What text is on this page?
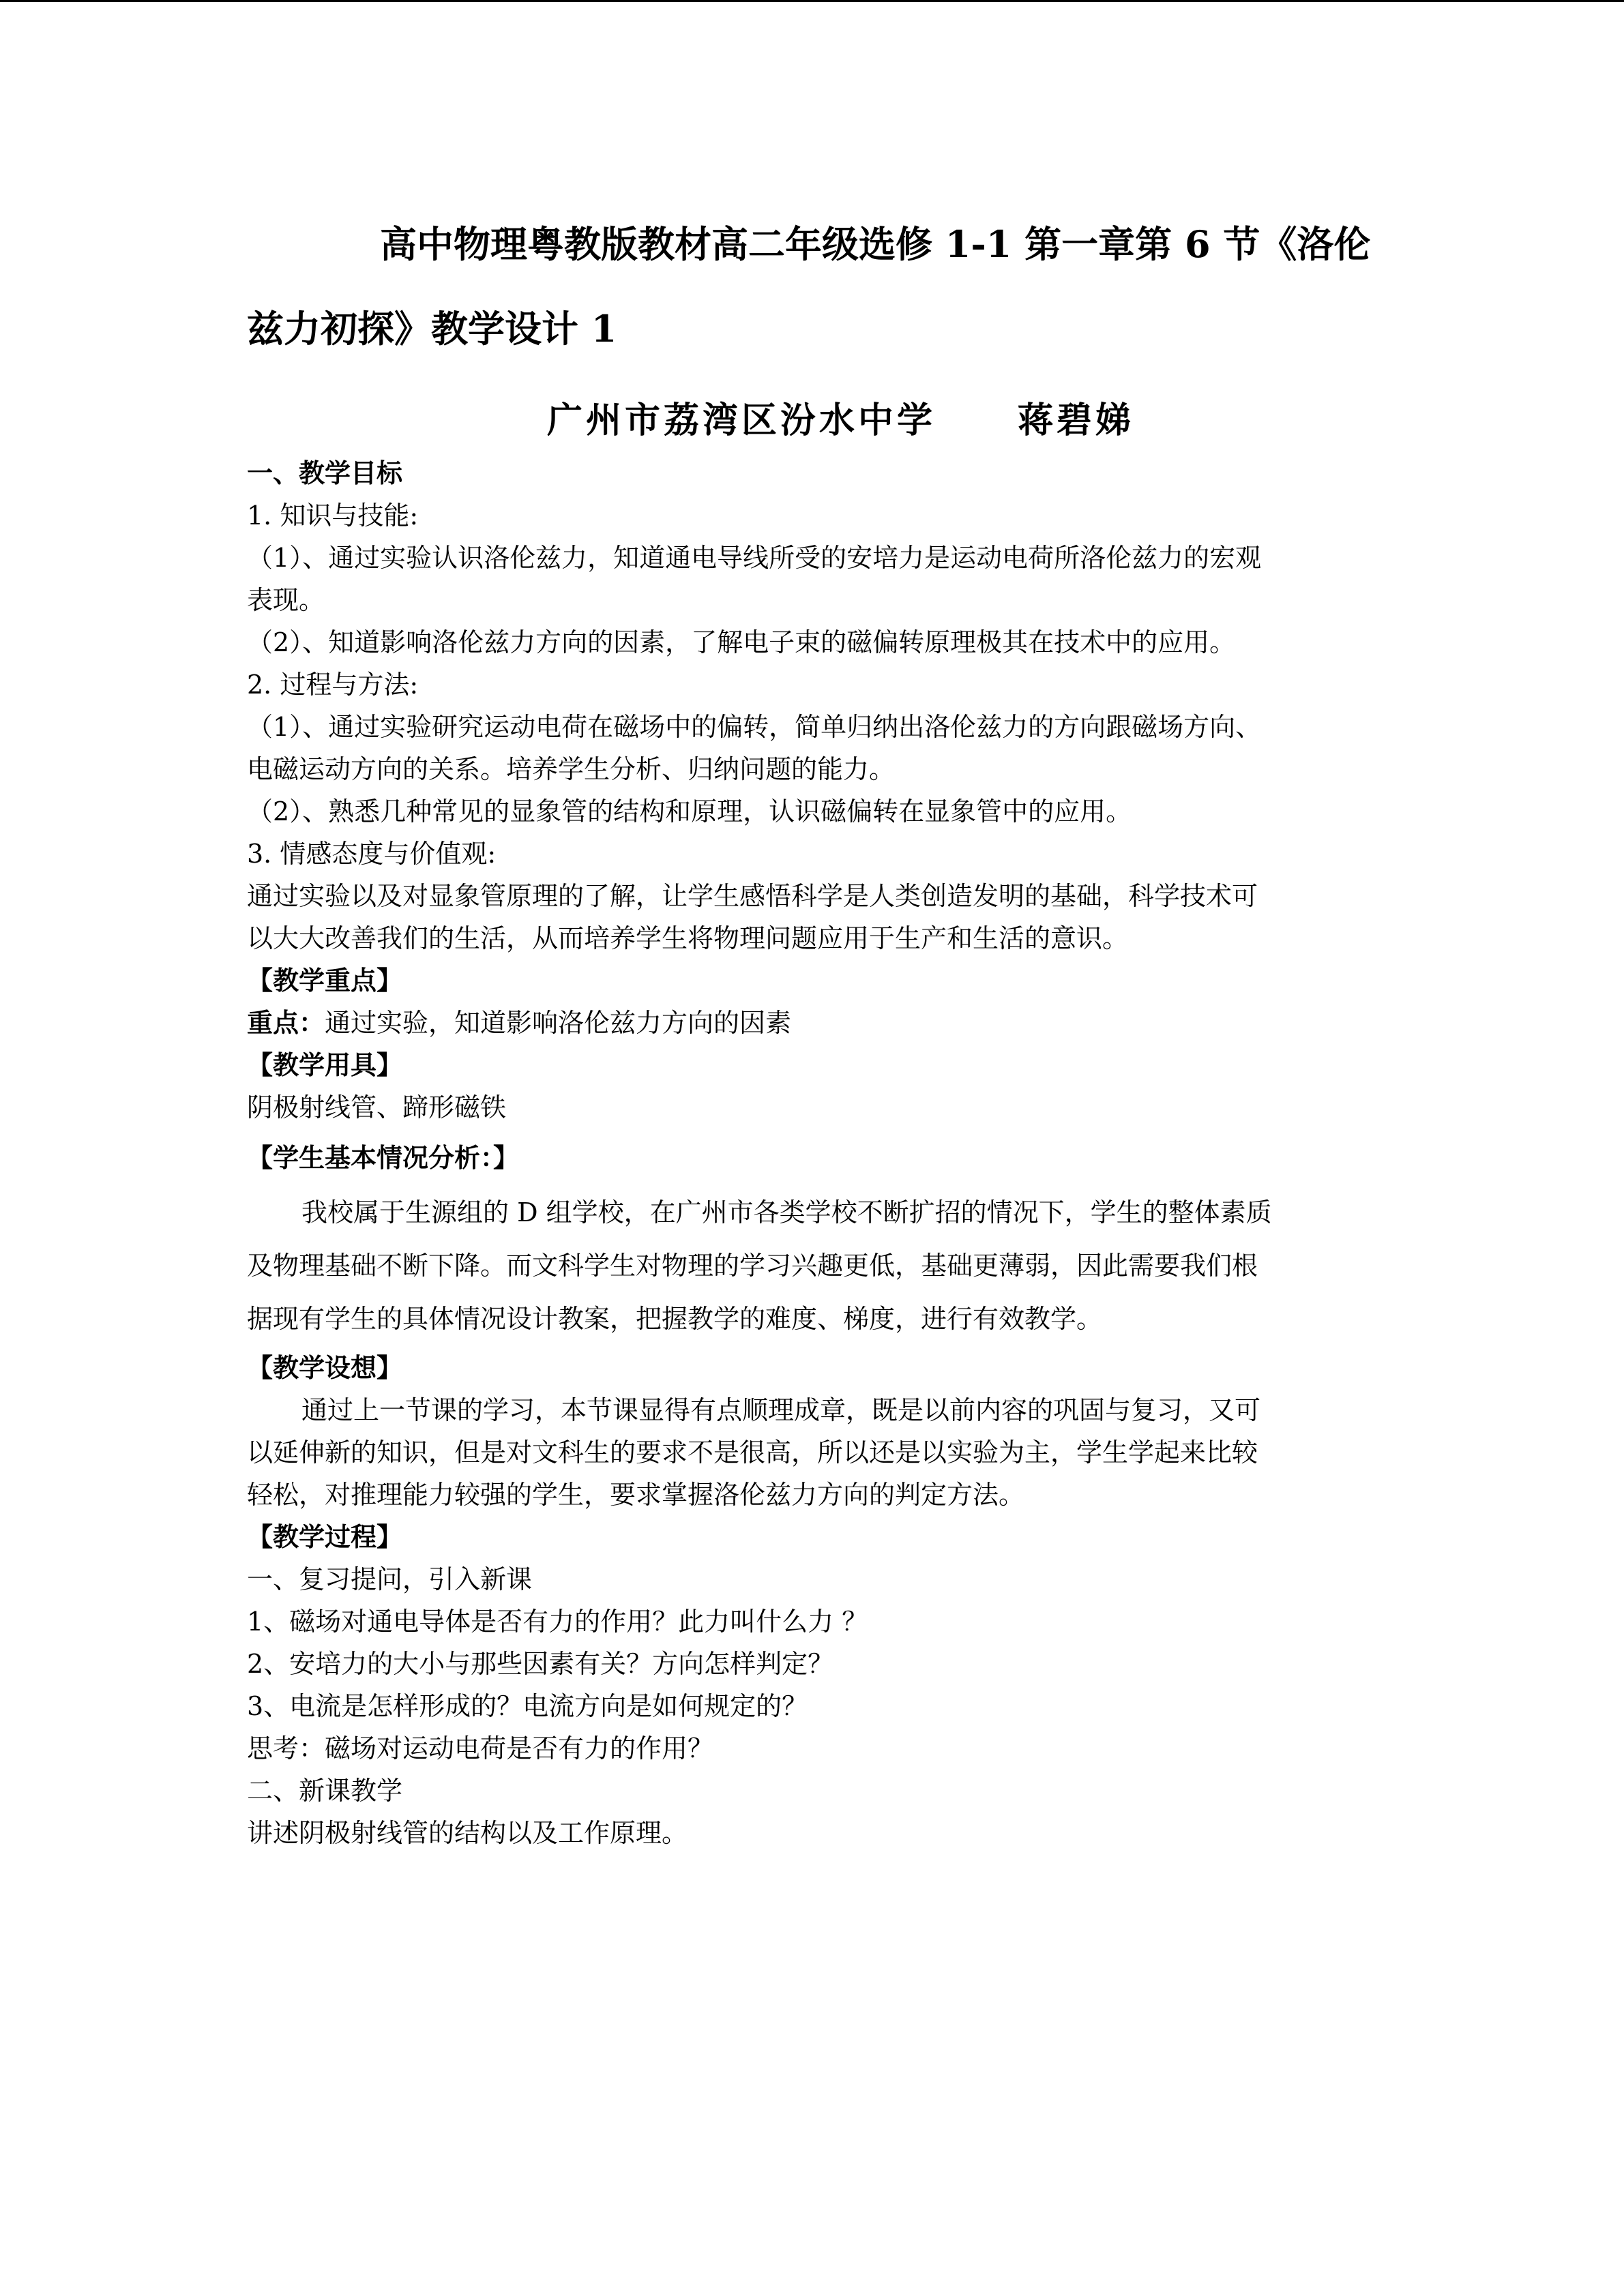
高中物理粤教版教材高二年级选修 1-1 第一章第 6 节《洛伦
兹力初探》教学设计 1
广州市荔湾区汾水中学 蒋碧娣
一、教学目标
1. 知识与技能:
（1）、通过实验认识洛伦兹力，知道通电导线所受的安培力是运动电荷所洛伦兹力的宏观
表现。
（2）、知道影响洛伦兹力方向的因素，了解电子束的磁偏转原理极其在技术中的应用。
2. 过程与方法:
（1）、通过实验研究运动电荷在磁场中的偏转，简单归纳出洛伦兹力的方向跟磁场方向、
电磁运动方向的关系。培养学生分析、归纳问题的能力。
（2）、熟悉几种常见的显象管的结构和原理，认识磁偏转在显象管中的应用。
3. 情感态度与价值观:
通过实验以及对显象管原理的了解，让学生感悟科学是人类创造发明的基础，科学技术可
以大大改善我们的生活，从而培养学生将物理问题应用于生产和生活的意识。
【教学重点】
重点：通过实验，知道影响洛伦兹力方向的因素
【教学用具】
阴极射线管、蹄形磁铁
【学生基本情况分析：】
我校属于生源组的 D 组学校，在广州市各类学校不断扩招的情况下，学生的整体素质
及物理基础不断下降。而文科学生对物理的学习兴趣更低，基础更薄弱，因此需要我们根
据现有学生的具体情况设计教案，把握教学的难度、梯度，进行有效教学。
【教学设想】
通过上一节课的学习，本节课显得有点顺理成章，既是以前内容的巩固与复习，又可
以延伸新的知识，但是对文科生的要求不是很高，所以还是以实验为主，学生学起来比较
轻松，对推理能力较强的学生，要求掌握洛伦兹力方向的判定方法。
【教学过程】
一、复习提问，引入新课
1、磁场对通电导体是否有力的作用？此力叫什么力 ？
2、安培力的大小与那些因素有关？方向怎样判定？
3、电流是怎样形成的？电流方向是如何规定的？
思考：磁场对运动电荷是否有力的作用？
二、新课教学
讲述阴极射线管的结构以及工作原理。
